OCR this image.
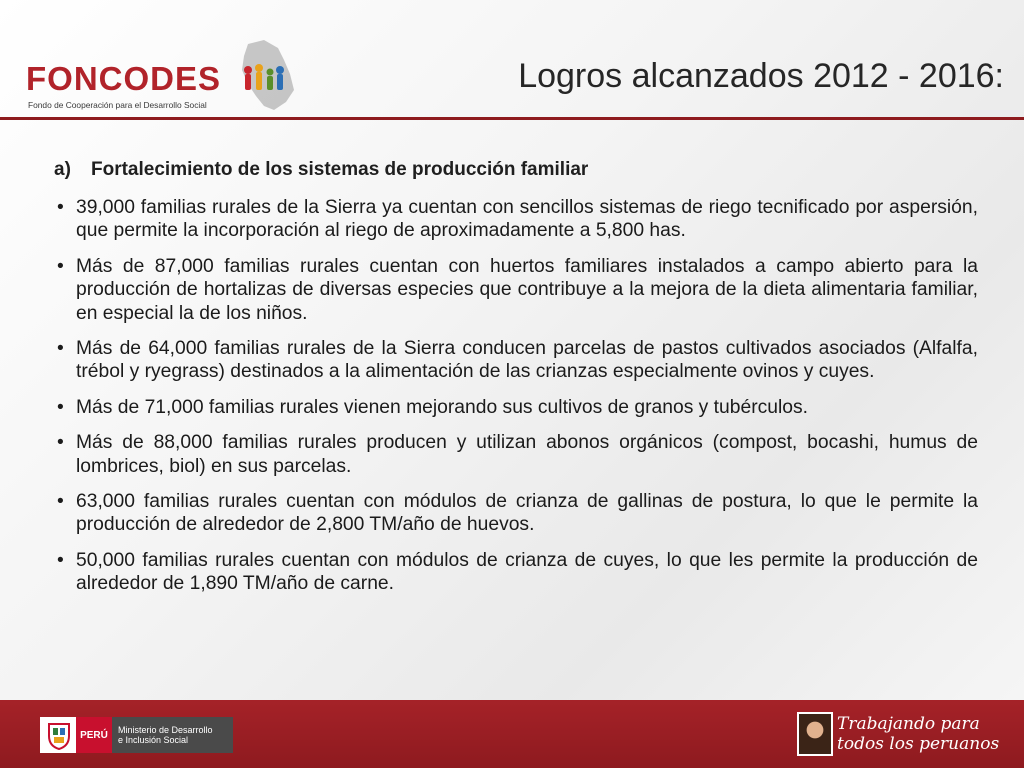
FONCODES
Fondo de Cooperación para el Desarrollo Social
Logros alcanzados 2012 - 2016:
a)	Fortalecimiento de los sistemas de producción familiar
• 39,000 familias rurales de la Sierra ya cuentan con sencillos sistemas de riego tecnificado por aspersión, que permite la incorporación al riego de aproximadamente a 5,800 has.
• Más de 87,000 familias rurales cuentan con huertos familiares instalados a campo abierto para la producción de hortalizas de diversas especies que contribuye a la mejora de la dieta alimentaria familiar, en especial la de los niños.
• Más de 64,000 familias rurales de la Sierra conducen parcelas de pastos cultivados asociados (Alfalfa, trébol y ryegrass) destinados a la alimentación de las crianzas especialmente ovinos y cuyes.
• Más de 71,000 familias rurales vienen mejorando sus cultivos de granos y tubérculos.
• Más de 88,000 familias rurales producen y utilizan abonos orgánicos (compost, bocashi, humus de lombrices, biol) en sus parcelas.
• 63,000 familias rurales cuentan con módulos de crianza de gallinas de postura, lo que le permite la producción de alrededor de 2,800 TM/año de huevos.
• 50,000 familias rurales cuentan con módulos de crianza de cuyes, lo que les permite la producción de alrededor de 1,890 TM/año de carne.
PERÚ	Ministerio de Desarrollo
e Inclusión Social
Trabajando para
todos los peruanos
